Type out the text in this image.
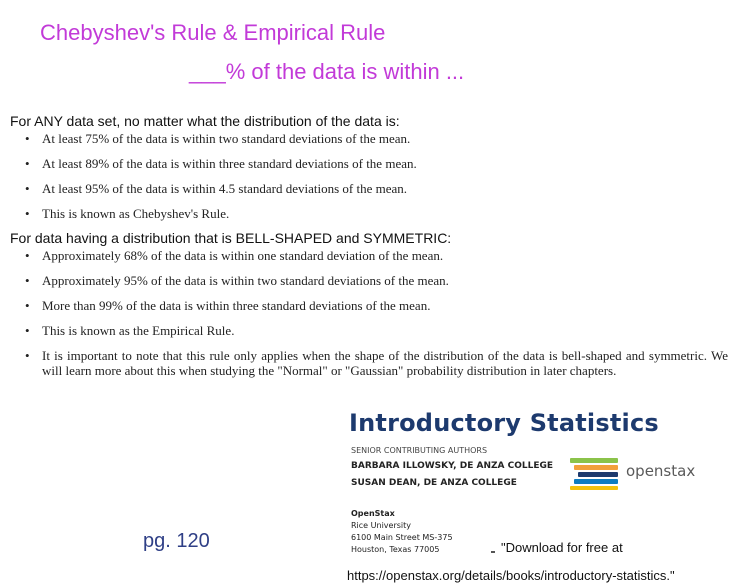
Chebyshev's Rule & Empirical Rule
___% of the data is within ...
For ANY data set, no matter what the distribution of the data is:
• At least 75% of the data is within two standard deviations of the mean.
• At least 89% of the data is within three standard deviations of the mean.
• At least 95% of the data is within 4.5 standard deviations of the mean.
• This is known as Chebyshev's Rule.
For data having a distribution that is BELL-SHAPED and SYMMETRIC:
• Approximately 68% of the data is within one standard deviation of the mean.
• Approximately 95% of the data is within two standard deviations of the mean.
• More than 99% of the data is within three standard deviations of the mean.
• This is known as the Empirical Rule.
• It is important to note that this rule only applies when the shape of the distribution of the data is bell-shaped and symmetric. We will learn more about this when studying the "Normal" or "Gaussian" probability distribution in later chapters.
Introductory Statistics
SENIOR CONTRIBUTING AUTHORS
BARBARA ILLOWSKY, DE ANZA COLLEGE
SUSAN DEAN, DE ANZA COLLEGE
OpenStax
Rice University
6100 Main Street MS-375
Houston, Texas 77005
openstax
pg. 120	"Download for free at
https://openstax.org/details/books/introductory-statistics."
